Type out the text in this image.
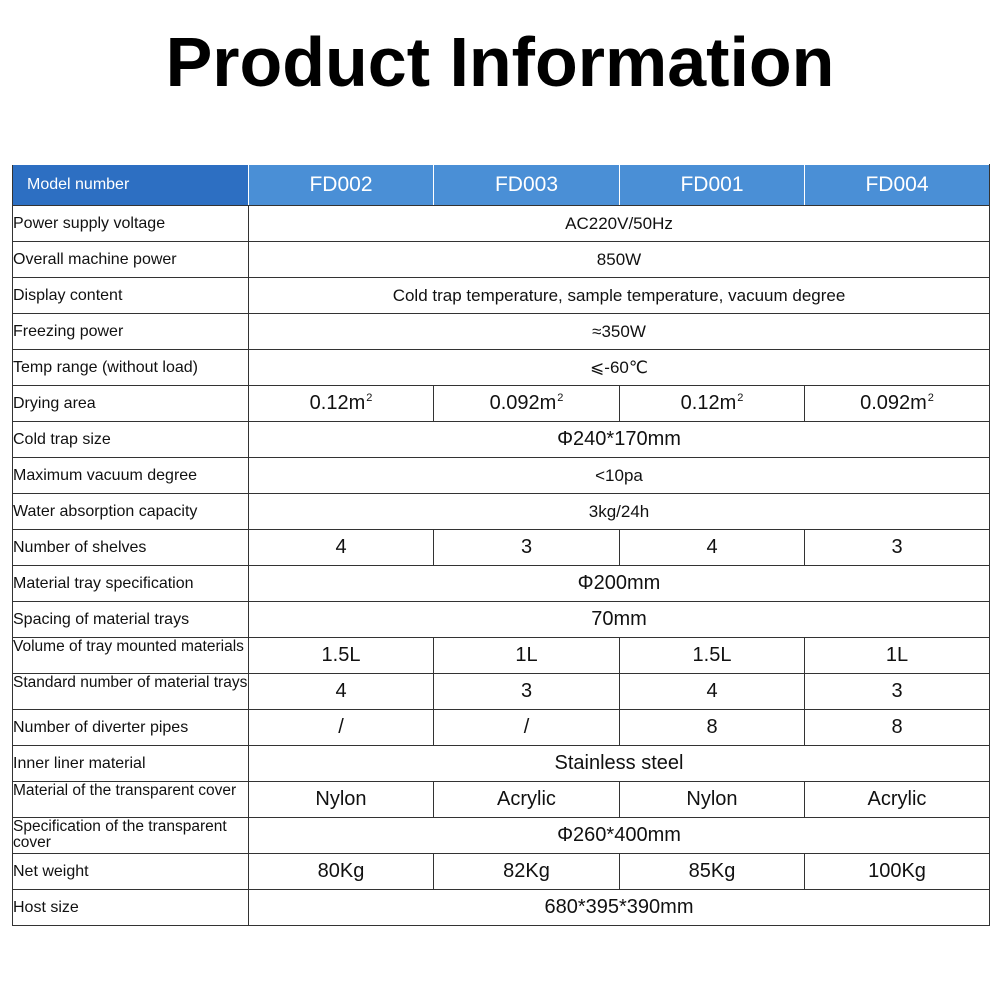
Product Information
Model number	FD002	FD003	FD001	FD004
Power supply voltage	AC220V/50Hz			
Overall machine power	850W			
Display content	Cold trap temperature, sample temperature, vacuum degree			
Freezing power	≈350W			
Temp range (without load)	⩽-60℃			
Drying area	$0.12m^2$	$0.092m^2$	$0.12m^2$	$0.092m^2$
Cold trap size	Φ240*170mm			
Maximum vacuum degree	<10pa			
Water absorption capacity	3kg/24h			
Number of shelves	4	3	4	3
Material tray specification	Φ200mm			
Spacing of material trays	70mm			
Volume of tray mounted materials	1.5L	1L	1.5L	1L
Standard number of material trays	4	3	4	3
Number of diverter pipes	/	/	8	8
Inner liner material	Stainless steel			
Material of the transparent cover	Nylon	Acrylic	Nylon	Acrylic
Specification of the transparent cover	Φ260*400mm			
Net weight	80Kg	82Kg	85Kg	100Kg
Host size	680*395*390mm			
